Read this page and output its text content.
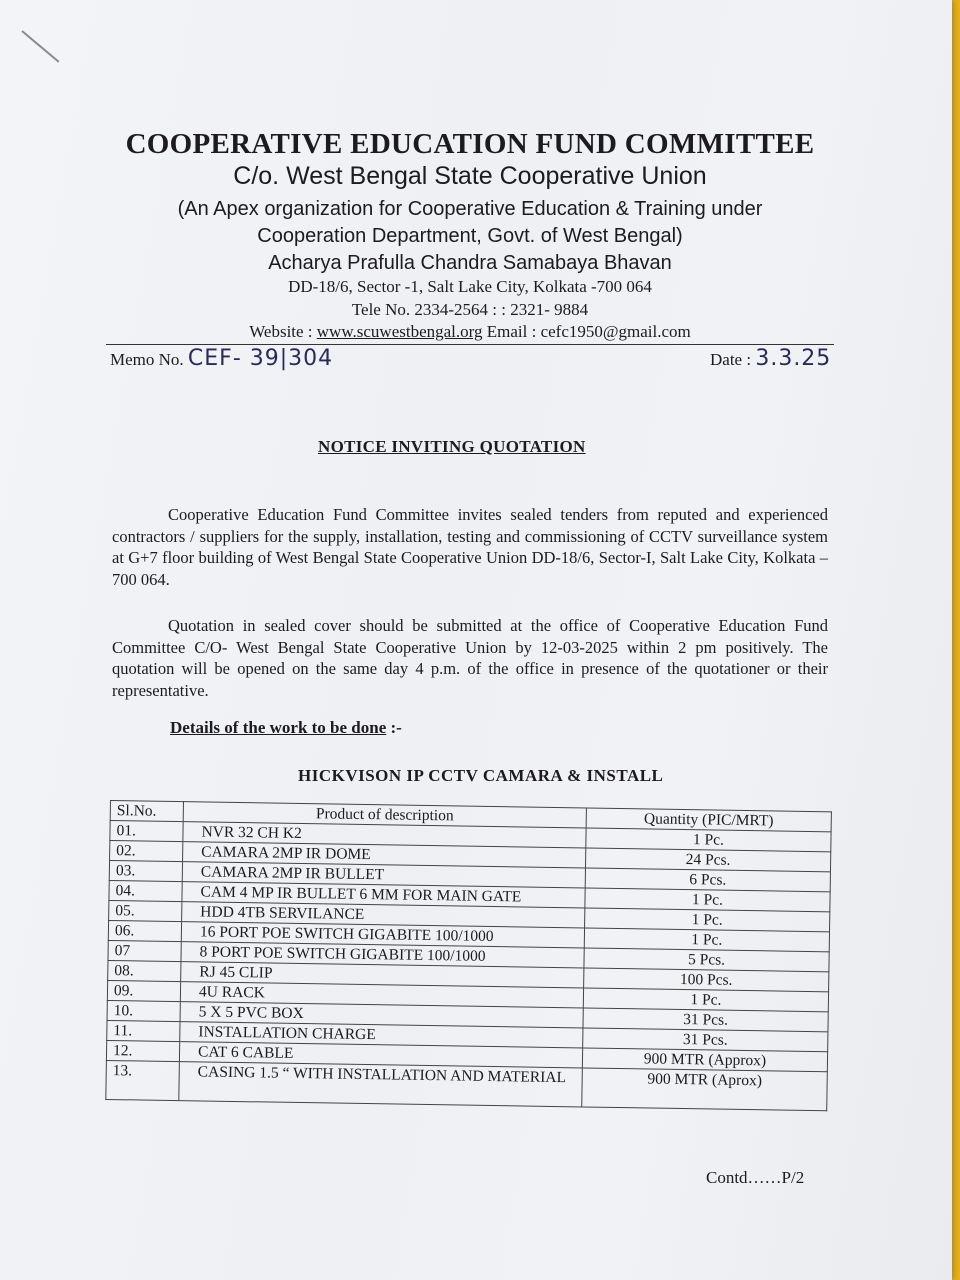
COOPERATIVE EDUCATION FUND COMMITTEE
C/o. West Bengal State Cooperative Union
(An Apex organization for Cooperative Education & Training under
Cooperation Department, Govt. of West Bengal)
Acharya Prafulla Chandra Samabaya Bhavan
DD-18/6, Sector -1, Salt Lake City, Kolkata -700 064
Tele No. 2334-2564 : : 2321- 9884
Website : www.scuwestbengal.org Email : cefc1950@gmail.com
Memo No. CEF- 39|304	Date : 3.3.25
NOTICE INVITING QUOTATION
Cooperative Education Fund Committee invites sealed tenders from reputed and experienced contractors / suppliers for the supply, installation, testing and commissioning of CCTV surveillance system at G+7 floor building of West Bengal State Cooperative Union DD-18/6, Sector-I, Salt Lake City, Kolkata – 700 064.
Quotation in sealed cover should be submitted at the office of Cooperative Education Fund Committee C/O- West Bengal State Cooperative Union by 12-03-2025 within 2 pm positively. The quotation will be opened on the same day 4 p.m. of the office in presence of the quotationer or their representative.
Details of the work to be done :-
HICKVISON IP CCTV CAMARA & INSTALL
Sl.No.	Product of description	Quantity (PIC/MRT)
01.	NVR 32 CH K2	1 Pc.
02.	CAMARA 2MP IR DOME	24 Pcs.
03.	CAMARA 2MP IR BULLET	6 Pcs.
04.	CAM 4 MP IR BULLET 6 MM FOR MAIN GATE	1 Pc.
05.	HDD 4TB SERVILANCE	1 Pc.
06.	16 PORT POE SWITCH GIGABITE 100/1000	1 Pc.
07	8 PORT POE SWITCH GIGABITE 100/1000	5 Pcs.
08.	RJ 45 CLIP	100 Pcs.
09.	4U RACK	1 Pc.
10.	5 X 5 PVC BOX	31 Pcs.
11.	INSTALLATION CHARGE	31 Pcs.
12.	CAT 6 CABLE	900 MTR (Approx)
13.	CASING 1.5 “ WITH INSTALLATION AND MATERIAL	900 MTR (Aprox)
Contd……P/2
